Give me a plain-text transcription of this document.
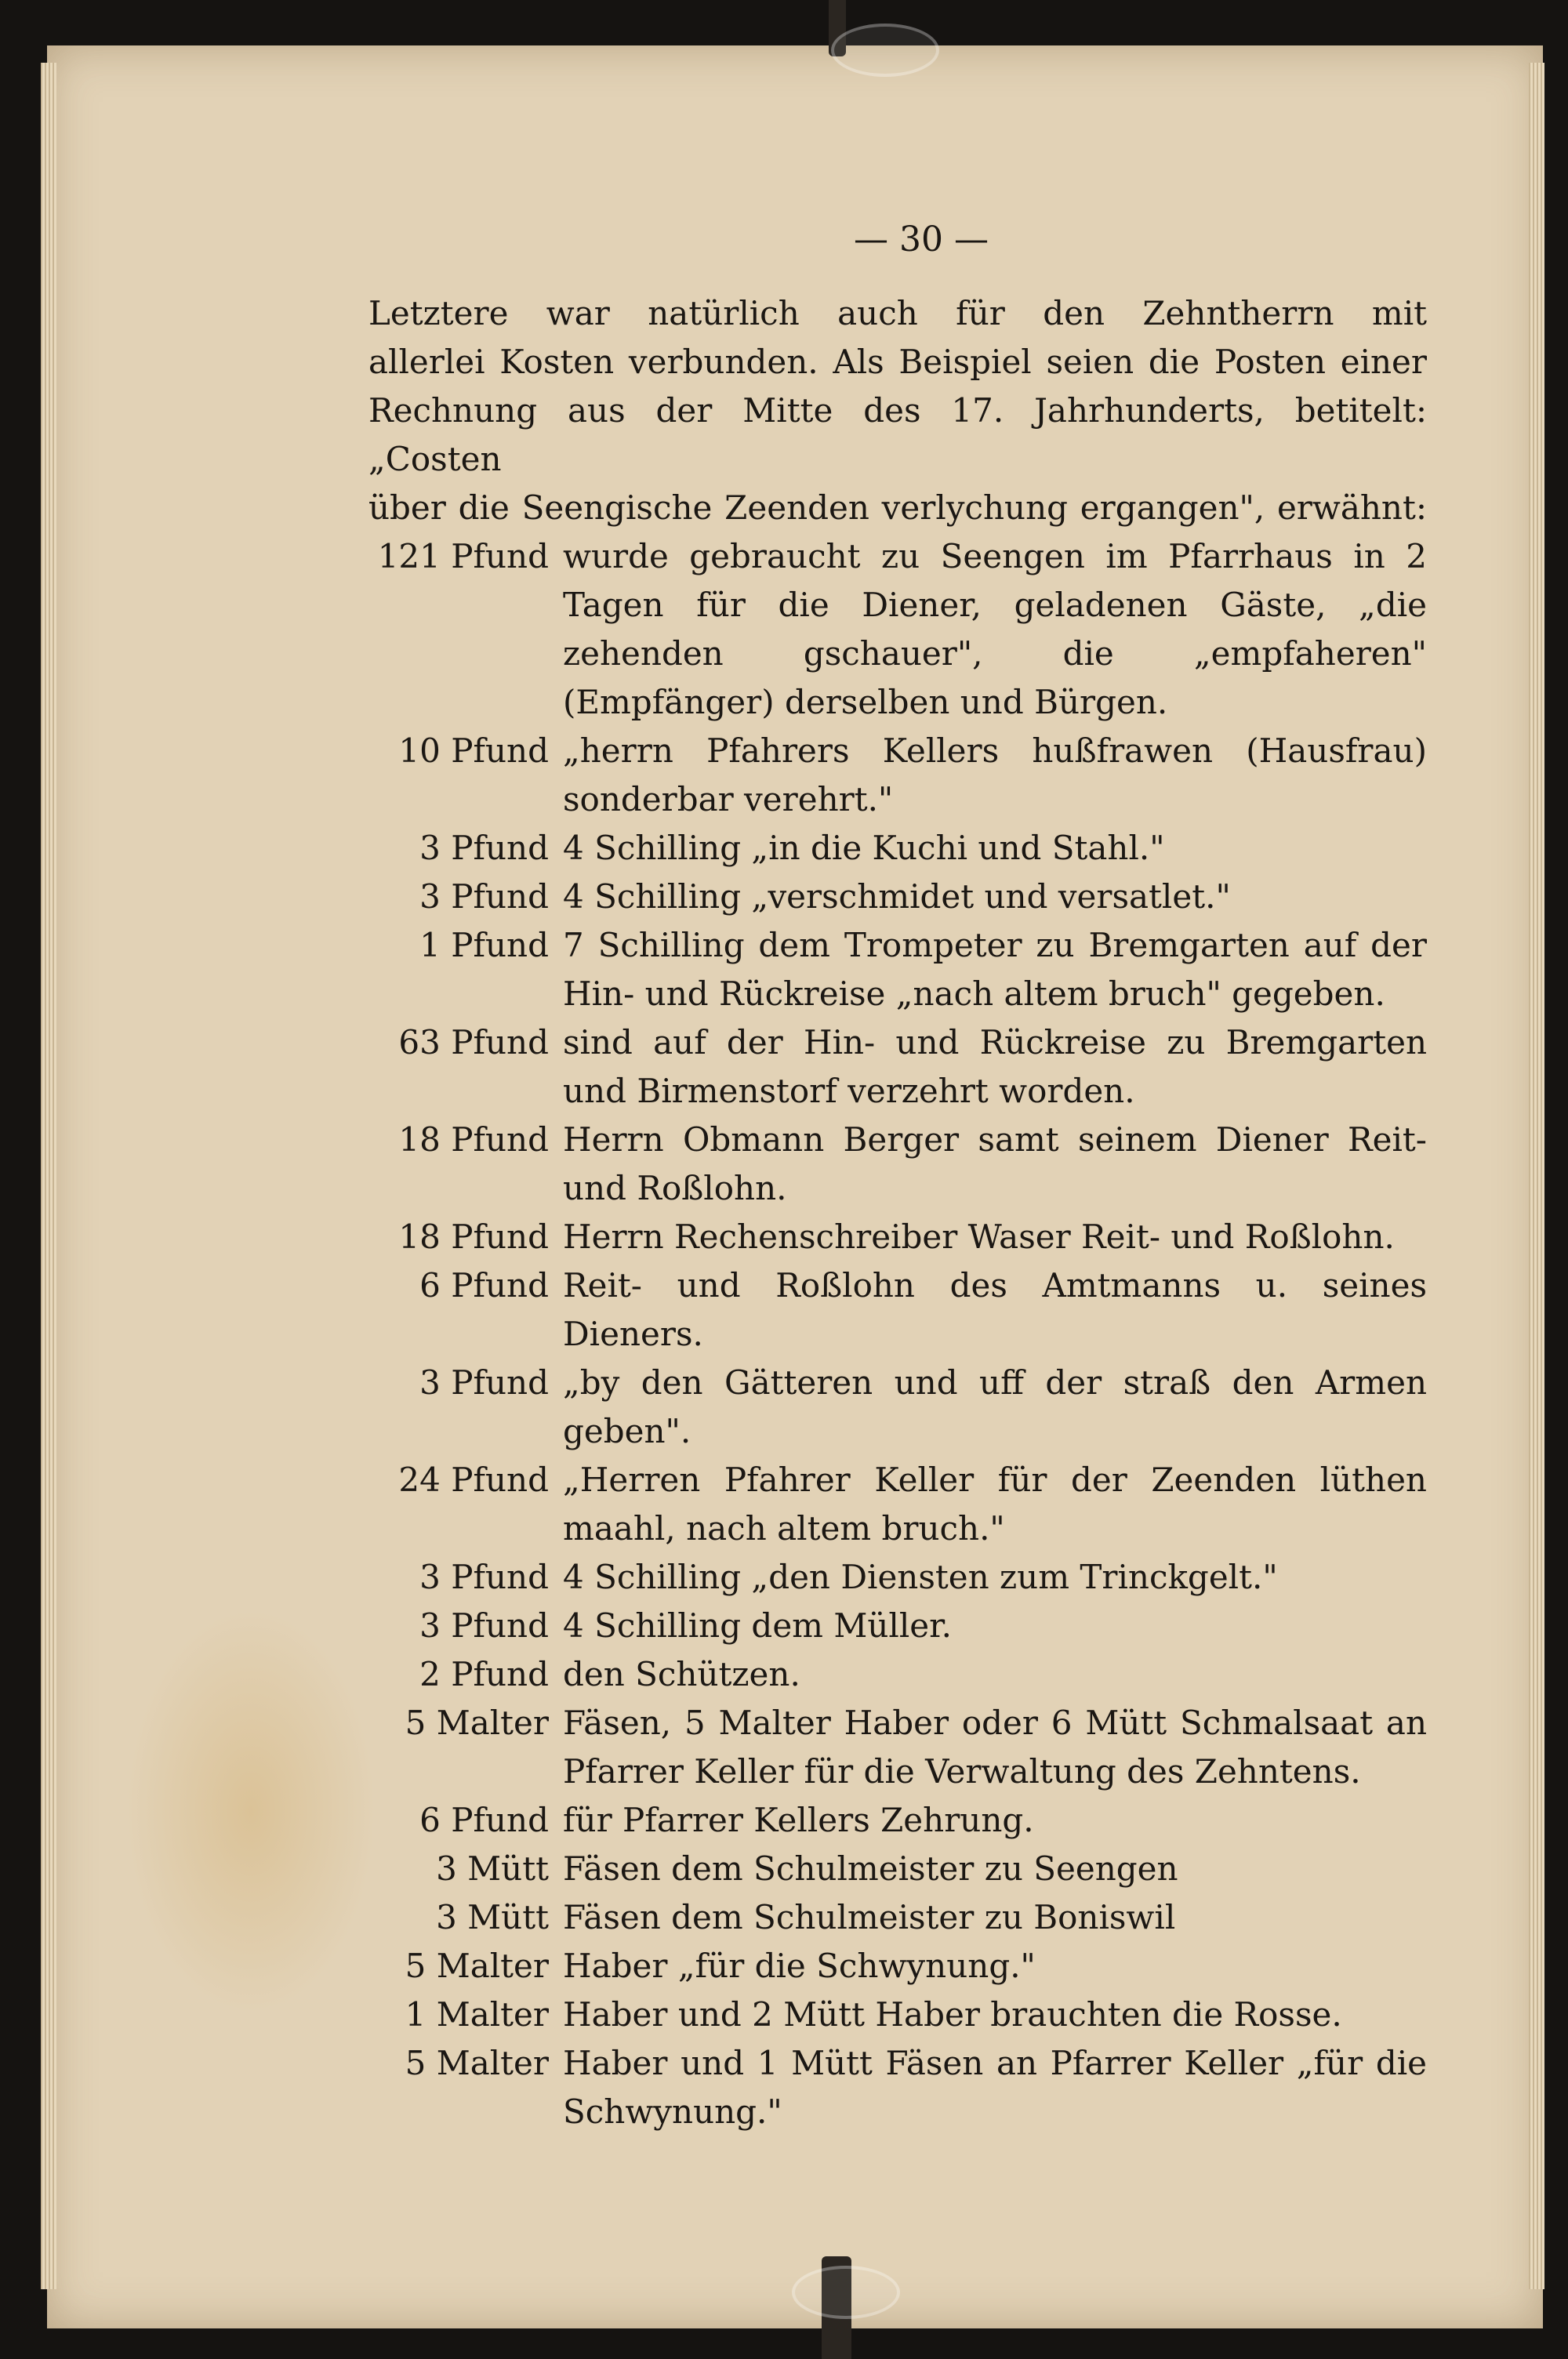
— 30 —

Letztere war natürlich auch für den Zehntherrn mit

allerlei Kosten verbunden. Als Beispiel seien die Posten einer

Rechnung aus der Mitte des 17. Jahrhunderts, betitelt: „Costen

über die Seengische Zeenden verlychung ergangen", erwähnt:

121 Pfund wurde gebraucht zu Seengen im Pfarrhaus in 2 Tagen für die Diener, geladenen Gäste, „die zehenden gschauer", die „empfaheren" (Empfänger) derselben und Bürgen.
10 Pfund „herrn Pfahrers Kellers hußfrawen (Hausfrau) sonderbar verehrt."
3 Pfund 4 Schilling „in die Kuchi und Stahl."
3 Pfund 4 Schilling „verschmidet und versatlet."
1 Pfund 7 Schilling dem Trompeter zu Bremgarten auf der Hin- und Rückreise „nach altem bruch" gegeben.
63 Pfund sind auf der Hin- und Rückreise zu Bremgarten und Birmenstorf verzehrt worden.
18 Pfund Herrn Obmann Berger samt seinem Diener Reit- und Roßlohn.
18 Pfund Herrn Rechenschreiber Waser Reit- und Roßlohn.
6 Pfund Reit- und Roßlohn des Amtmanns u. seines Dieners.
3 Pfund „by den Gätteren und uff der straß den Armen geben".
24 Pfund „Herren Pfahrer Keller für der Zeenden lüthen maahl, nach altem bruch."
3 Pfund 4 Schilling „den Diensten zum Trinckgelt."
3 Pfund 4 Schilling dem Müller.
2 Pfund den Schützen.
5 Malter Fäsen, 5 Malter Haber oder 6 Mütt Schmalsaat an Pfarrer Keller für die Verwaltung des Zehntens.
6 Pfund für Pfarrer Kellers Zehrung.
3 Mütt Fäsen dem Schulmeister zu Seengen
3 Mütt Fäsen dem Schulmeister zu Boniswil
5 Malter Haber „für die Schwynung."
1 Malter Haber und 2 Mütt Haber brauchten die Rosse.
5 Malter Haber und 1 Mütt Fäsen an Pfarrer Keller „für die Schwynung."
